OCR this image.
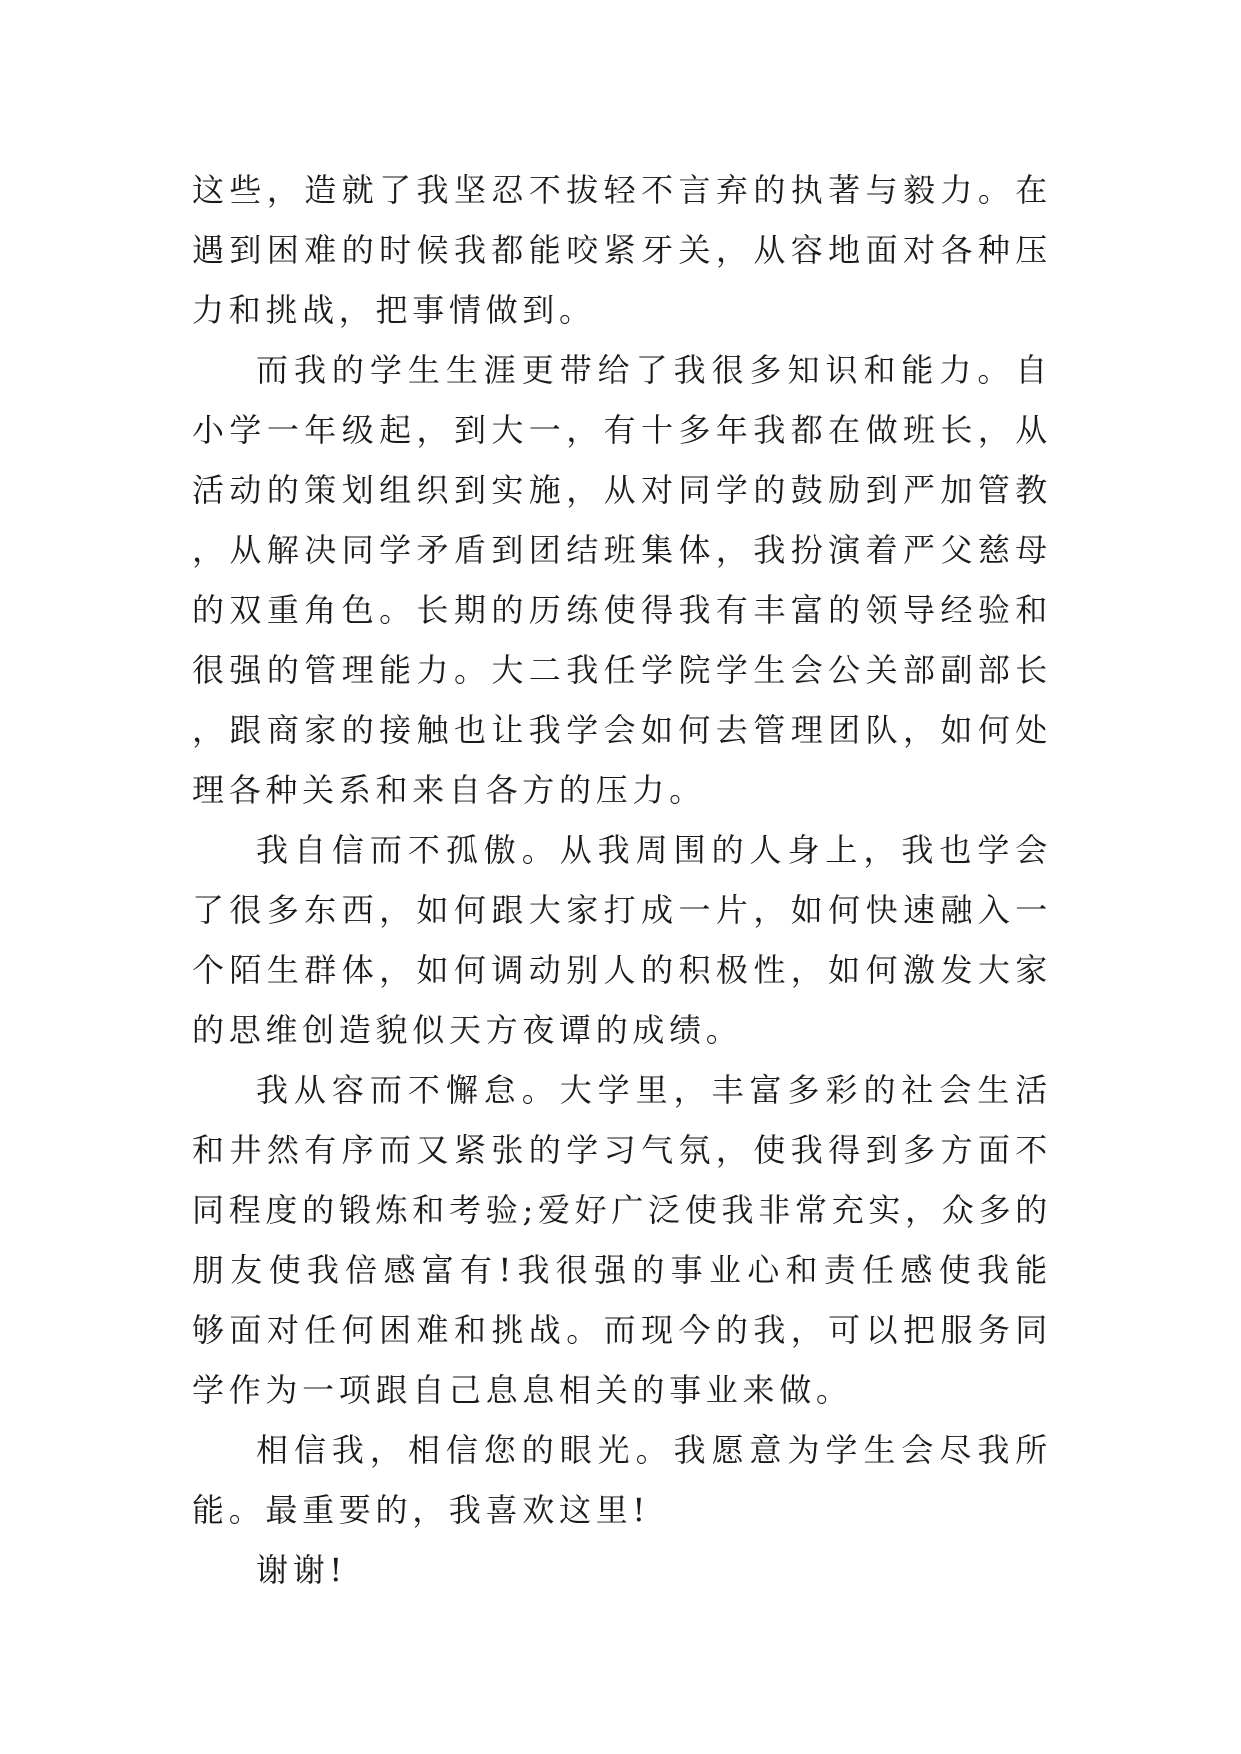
这些，造就了我坚忍不拔轻不言弃的执著与毅力。在遇到困难的时候我都能咬紧牙关，从容地面对各种压力和挑战，把事情做到。

而我的学生生涯更带给了我很多知识和能力。自小学一年级起，到大一，有十多年我都在做班长，从活动的策划组织到实施，从对同学的鼓励到严加管教，从解决同学矛盾到团结班集体，我扮演着严父慈母的双重角色。长期的历练使得我有丰富的领导经验和很强的管理能力。大二我任学院学生会公关部副部长，跟商家的接触也让我学会如何去管理团队，如何处理各种关系和来自各方的压力。

我自信而不孤傲。从我周围的人身上，我也学会了很多东西，如何跟大家打成一片，如何快速融入一个陌生群体，如何调动别人的积极性，如何激发大家的思维创造貌似天方夜谭的成绩。

我从容而不懈怠。大学里，丰富多彩的社会生活和井然有序而又紧张的学习气氛，使我得到多方面不同程度的锻炼和考验;爱好广泛使我非常充实，众多的朋友使我倍感富有!我很强的事业心和责任感使我能够面对任何困难和挑战。而现今的我，可以把服务同学作为一项跟自己息息相关的事业来做。

相信我，相信您的眼光。我愿意为学生会尽我所能。最重要的，我喜欢这里!

谢谢!
